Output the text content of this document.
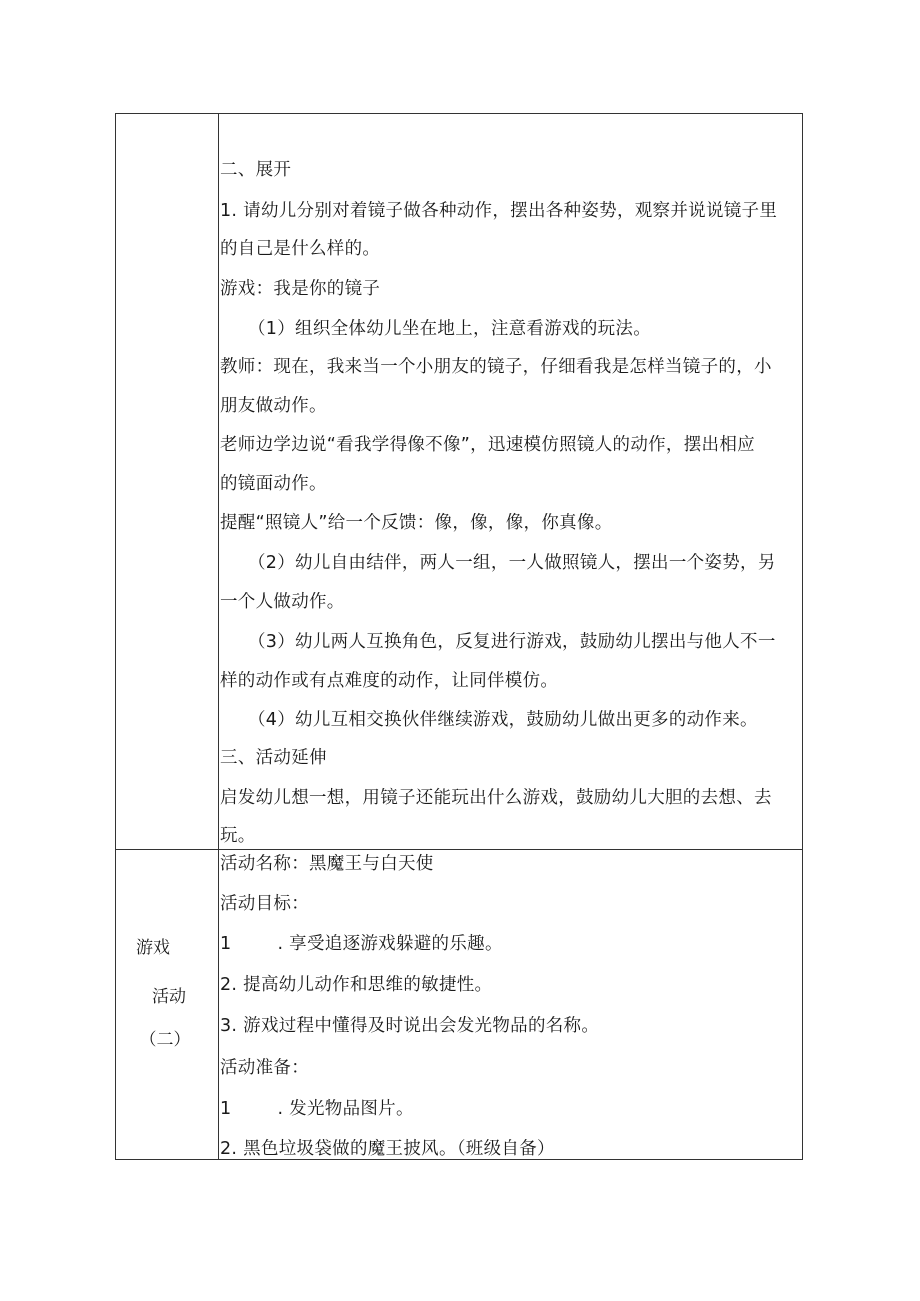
二、展开

1. 请幼儿分别对着镜子做各种动作，摆出各种姿势，观察并说说镜子里

的自己是什么样的。

游戏：我是你的镜子

（1）组织全体幼儿坐在地上，注意看游戏的玩法。

教师：现在，我来当一个小朋友的镜子，仔细看我是怎样当镜子的，小

朋友做动作。

老师边学边说“看我学得像不像”，迅速模仿照镜人的动作，摆出相应

的镜面动作。

提醒“照镜人”给一个反馈：像，像，像，你真像。

（2）幼儿自由结伴，两人一组，一人做照镜人，摆出一个姿势，另

一个人做动作。

（3）幼儿两人互换角色，反复进行游戏，鼓励幼儿摆出与他人不一

样的动作或有点难度的动作，让同伴模仿。

（4）幼儿互相交换伙伴继续游戏，鼓励幼儿做出更多的动作来。

三、活动延伸

启发幼儿想一想，用镜子还能玩出什么游戏，鼓励幼儿大胆的去想、去

玩。

游戏

活动

（二）

活动名称：黑魔王与白天使

活动目标：

1	. 享受追逐游戏躲避的乐趣。

2. 提高幼儿动作和思维的敏捷性。

3. 游戏过程中懂得及时说出会发光物品的名称。

活动准备：

1	. 发光物品图片。

2. 黑色垃圾袋做的魔王披风。（班级自备）
